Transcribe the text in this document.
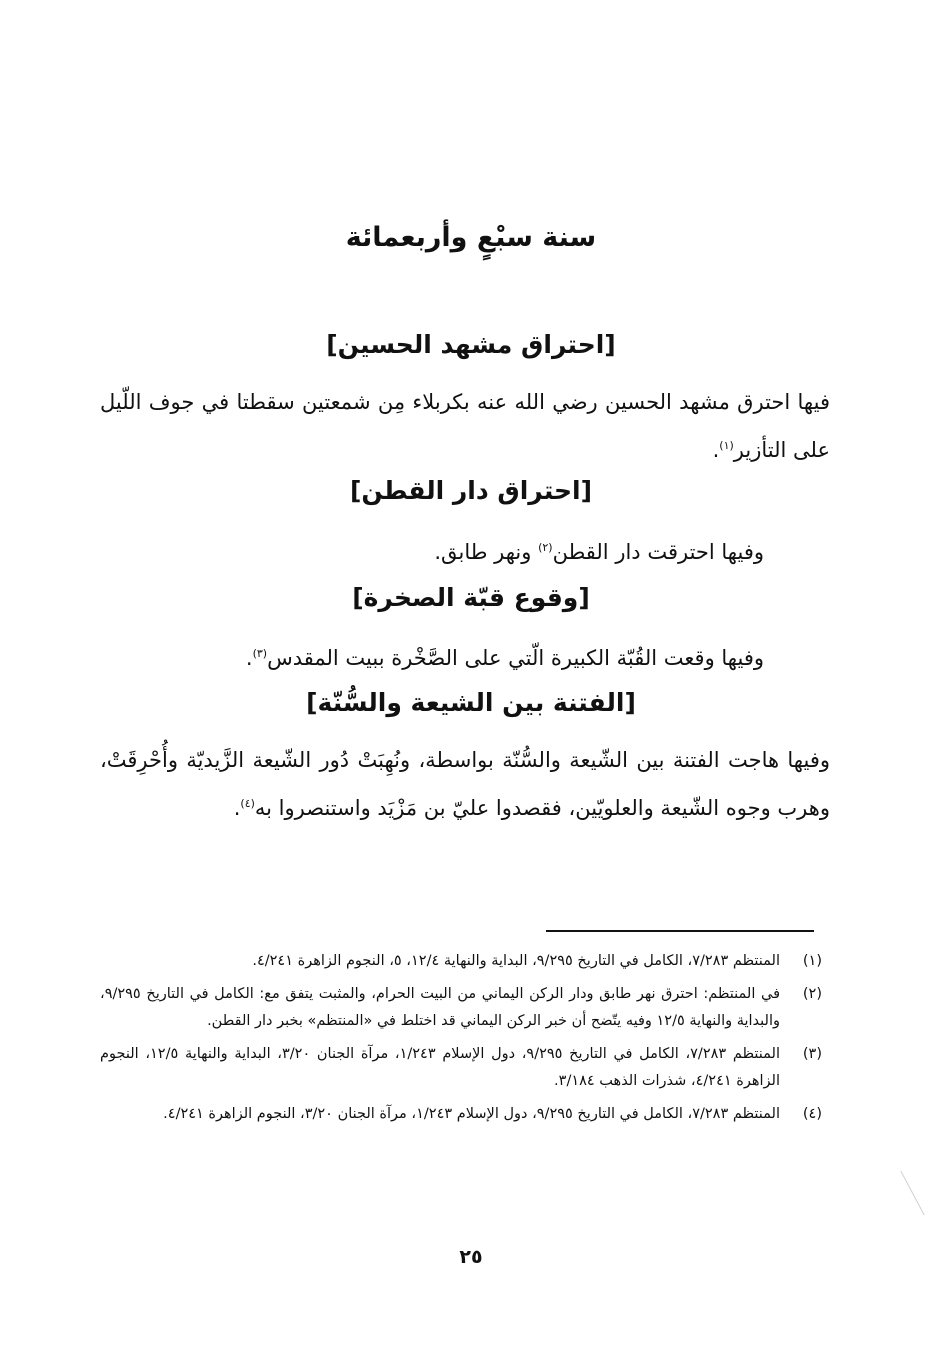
سنة سبْعٍ وأربعمائة
[احتراق مشهد الحسين]
فيها احترق مشهد الحسين رضي الله عنه بكربلاء مِن شمعتين سقطتا في جوف اللّيل على التأزير$^{(١)}$.
[احتراق دار القطن]
وفيها احترقت دار القطن$^{(٢)}$ ونهر طابق.
[وقوع قبّة الصخرة]
وفيها وقعت القُبّة الكبيرة الّتي على الصَّخْرة ببيت المقدس$^{(٣)}$.
[الفتنة بين الشيعة والسُّنّة]
وفيها هاجت الفتنة بين الشّيعة والسُّنّة بواسطة، ونُهِبَتْ دُور الشّيعة الزَّيديّة وأُحْرِقَتْ، وهرب وجوه الشّيعة والعلويّين، فقصدوا عليّ بن مَزْيَد واستنصروا به$^{(٤)}$.
(١)
المنتظم ٧/٢٨٣، الكامل في التاريخ ٩/٢٩٥، البداية والنهاية ١٢/٤، ٥، النجوم الزاهرة ٤/٢٤١.
(٢)
في المنتظم: احترق نهر طابق ودار الركن اليماني من البيت الحرام، والمثبت يتفق مع: الكامل في التاريخ ٩/٢٩٥، والبداية والنهاية ١٢/٥ وفيه يتّضح أن خبر الركن اليماني قد اختلط في «المنتظم» بخبر دار القطن.
(٣)
المنتظم ٧/٢٨٣، الكامل في التاريخ ٩/٢٩٥، دول الإسلام ١/٢٤٣، مرآة الجنان ٣/٢٠، البداية والنهاية ١٢/٥، النجوم الزاهرة ٤/٢٤١، شذرات الذهب ٣/١٨٤.
(٤)
المنتظم ٧/٢٨٣، الكامل في التاريخ ٩/٢٩٥، دول الإسلام ١/٢٤٣، مرآة الجنان ٣/٢٠، النجوم الزاهرة ٤/٢٤١.
٢٥
